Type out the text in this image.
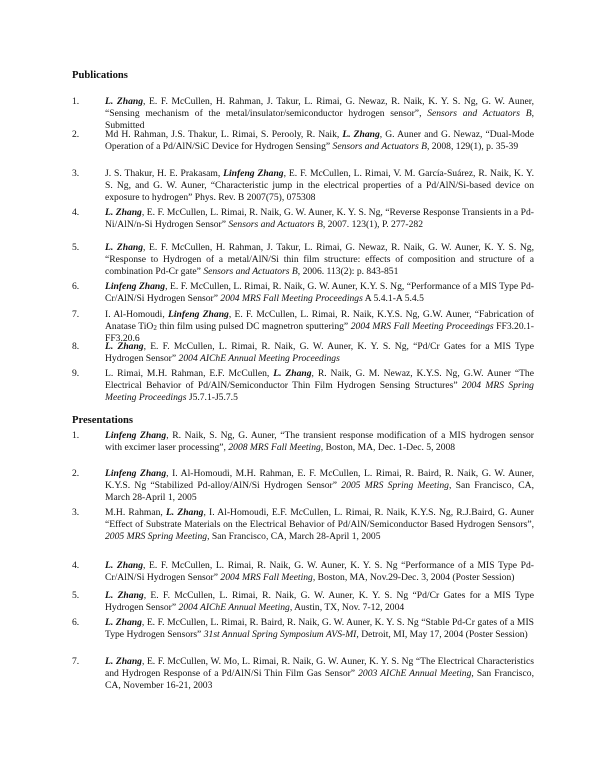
Publications
1.	L. Zhang, E. F. McCullen, H. Rahman, J. Takur, L. Rimai, G. Newaz, R. Naik, K. Y. S. Ng, G. W. Auner, “Sensing mechanism of the metal/insulator/semiconductor hydrogen sensor”, Sensors and Actuators B, Submitted
2.	Md H. Rahman, J.S. Thakur, L. Rimai, S. Perooly, R. Naik, L. Zhang, G. Auner and G. Newaz, “Dual-Mode Operation of a Pd/AlN/SiC Device for Hydrogen Sensing” Sensors and Actuators B, 2008, 129(1), p. 35-39
3.	J. S. Thakur, H. E. Prakasam, Linfeng Zhang, E. F. McCullen, L. Rimai, V. M. García-Suárez, R. Naik, K. Y. S. Ng, and G. W. Auner, “Characteristic jump in the electrical properties of a Pd/AlN/Si-based device on exposure to hydrogen” Phys. Rev. B 2007(75), 075308
4.	L. Zhang, E. F. McCullen, L. Rimai, R. Naik, G. W. Auner, K. Y. S. Ng, “Reverse Response Transients in a Pd-Ni/AlN/n-Si Hydrogen Sensor” Sensors and Actuators B, 2007. 123(1), P. 277-282
5.	L. Zhang, E. F. McCullen, H. Rahman, J. Takur, L. Rimai, G. Newaz, R. Naik, G. W. Auner, K. Y. S. Ng, “Response to Hydrogen of a metal/AlN/Si thin film structure: effects of composition and structure of a combination Pd-Cr gate” Sensors and Actuators B, 2006. 113(2): p. 843-851
6.	Linfeng Zhang, E. F. McCullen, L. Rimai, R. Naik, G. W. Auner, K.Y. S. Ng, “Performance of a MIS Type Pd-Cr/AlN/Si Hydrogen Sensor” 2004 MRS Fall Meeting Proceedings A 5.4.1-A 5.4.5
7.	I. Al-Homoudi, Linfeng Zhang, E. F. McCullen, L. Rimai, R. Naik, K.Y.S. Ng, G.W. Auner, “Fabrication of Anatase TiO$_2$ thin film using pulsed DC magnetron sputtering” 2004 MRS Fall Meeting Proceedings FF3.20.1-FF3.20.6
8.	L. Zhang, E. F. McCullen, L. Rimai, R. Naik, G. W. Auner, K. Y. S. Ng, “Pd/Cr Gates for a MIS Type Hydrogen Sensor” 2004 AIChE Annual Meeting Proceedings
9.	L. Rimai, M.H. Rahman, E.F. McCullen, L. Zhang, R. Naik, G. M. Newaz, K.Y.S. Ng, G.W. Auner “The Electrical Behavior of Pd/AlN/Semiconductor Thin Film Hydrogen Sensing Structures” 2004 MRS Spring Meeting Proceedings J5.7.1-J5.7.5
Presentations
1.	Linfeng Zhang, R. Naik, S. Ng, G. Auner, “The transient response modification of a MIS hydrogen sensor with excimer laser processing”, 2008 MRS Fall Meeting, Boston, MA, Dec. 1-Dec. 5, 2008
2.	Linfeng Zhang, I. Al-Homoudi, M.H. Rahman, E. F. McCullen, L. Rimai, R. Baird, R. Naik, G. W. Auner, K.Y.S. Ng “Stabilized Pd-alloy/AlN/Si Hydrogen Sensor” 2005 MRS Spring Meeting, San Francisco, CA, March 28-April 1, 2005
3.	M.H. Rahman, L. Zhang, I. Al-Homoudi, E.F. McCullen, L. Rimai, R. Naik, K.Y.S. Ng, R.J.Baird, G. Auner “Effect of Substrate Materials on the Electrical Behavior of Pd/AlN/Semiconductor Based Hydrogen Sensors”, 2005 MRS Spring Meeting, San Francisco, CA, March 28-April 1, 2005
4.	L. Zhang, E. F. McCullen, L. Rimai, R. Naik, G. W. Auner, K. Y. S. Ng “Performance of a MIS Type Pd-Cr/AlN/Si Hydrogen Sensor” 2004 MRS Fall Meeting, Boston, MA, Nov.29-Dec. 3, 2004 (Poster Session)
5.	L. Zhang, E. F. McCullen, L. Rimai, R. Naik, G. W. Auner, K. Y. S. Ng “Pd/Cr Gates for a MIS Type Hydrogen Sensor” 2004 AIChE Annual Meeting, Austin, TX, Nov. 7-12, 2004
6.	L. Zhang, E. F. McCullen, L. Rimai, R. Baird, R. Naik, G. W. Auner, K. Y. S. Ng “Stable Pd-Cr gates of a MIS Type Hydrogen Sensors” 31st Annual Spring Symposium AVS-MI, Detroit, MI, May 17, 2004 (Poster Session)
7.	L. Zhang, E. F. McCullen, W. Mo, L. Rimai, R. Naik, G. W. Auner, K. Y. S. Ng “The Electrical Characteristics and Hydrogen Response of a Pd/AlN/Si Thin Film Gas Sensor” 2003 AIChE Annual Meeting, San Francisco, CA, November 16-21, 2003
